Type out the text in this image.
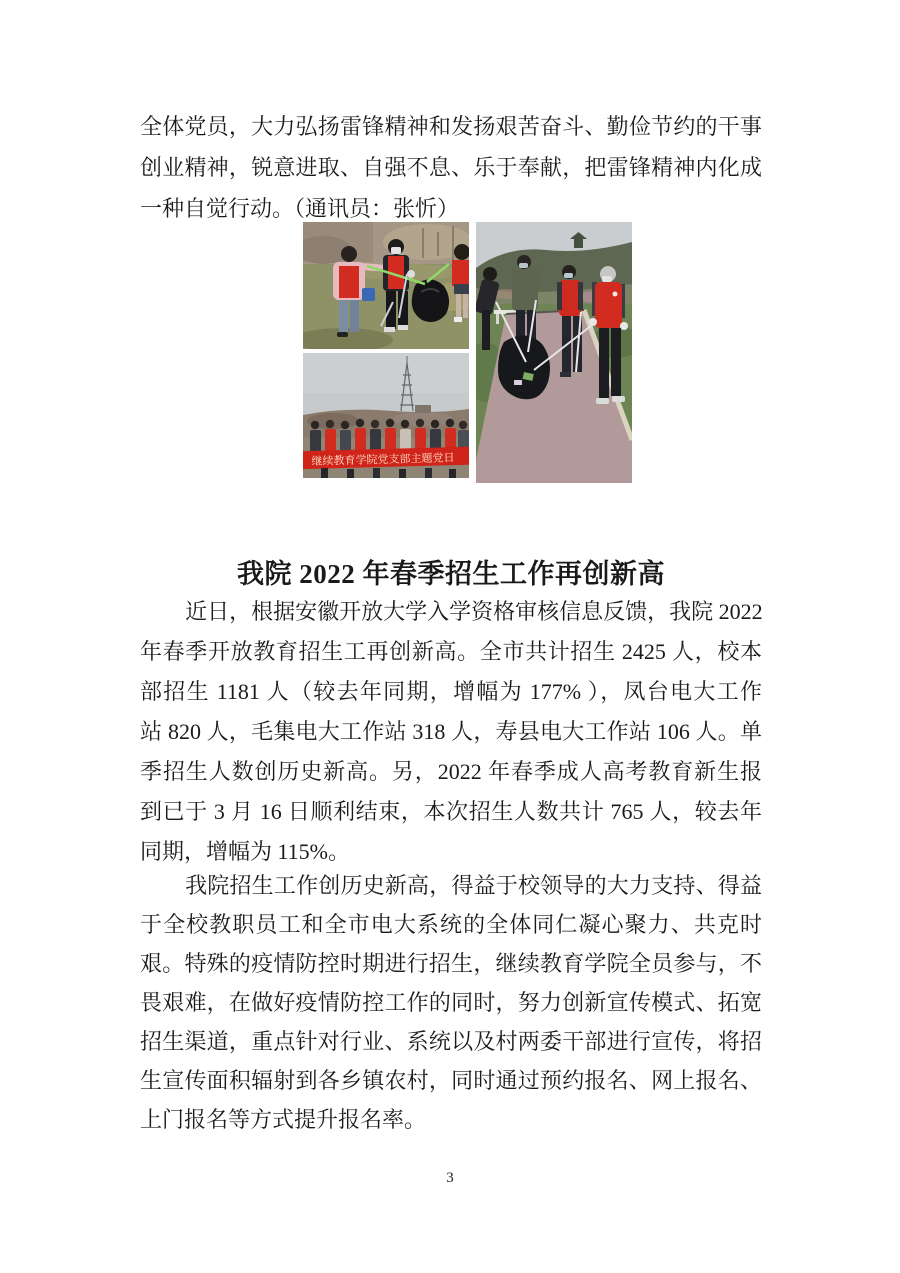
全体党员，大力弘扬雷锋精神和发扬艰苦奋斗、勤俭节约的干事
创业精神，锐意进取、自强不息、乐于奉献，把雷锋精神内化成
一种自觉行动。（通讯员：张忻）
继续教育学院党支部主题党日
我院 2022 年春季招生工作再创新高
近日，根据安徽开放大学入学资格审核信息反馈，我院 2022
年春季开放教育招生工再创新高。全市共计招生 2425 人，校本
部招生 1181 人（较去年同期，增幅为 177% ），凤台电大工作
站 820 人，毛集电大工作站 318 人，寿县电大工作站 106 人。单
季招生人数创历史新高。另，2022 年春季成人高考教育新生报
到已于 3 月 16 日顺利结束，本次招生人数共计 765 人，较去年
同期，增幅为 115%。
我院招生工作创历史新高，得益于校领导的大力支持、得益
于全校教职员工和全市电大系统的全体同仁凝心聚力、共克时
艰。特殊的疫情防控时期进行招生，继续教育学院全员参与，不
畏艰难，在做好疫情防控工作的同时，努力创新宣传模式、拓宽
招生渠道，重点针对行业、系统以及村两委干部进行宣传，将招
生宣传面积辐射到各乡镇农村，同时通过预约报名、网上报名、
上门报名等方式提升报名率。
3
